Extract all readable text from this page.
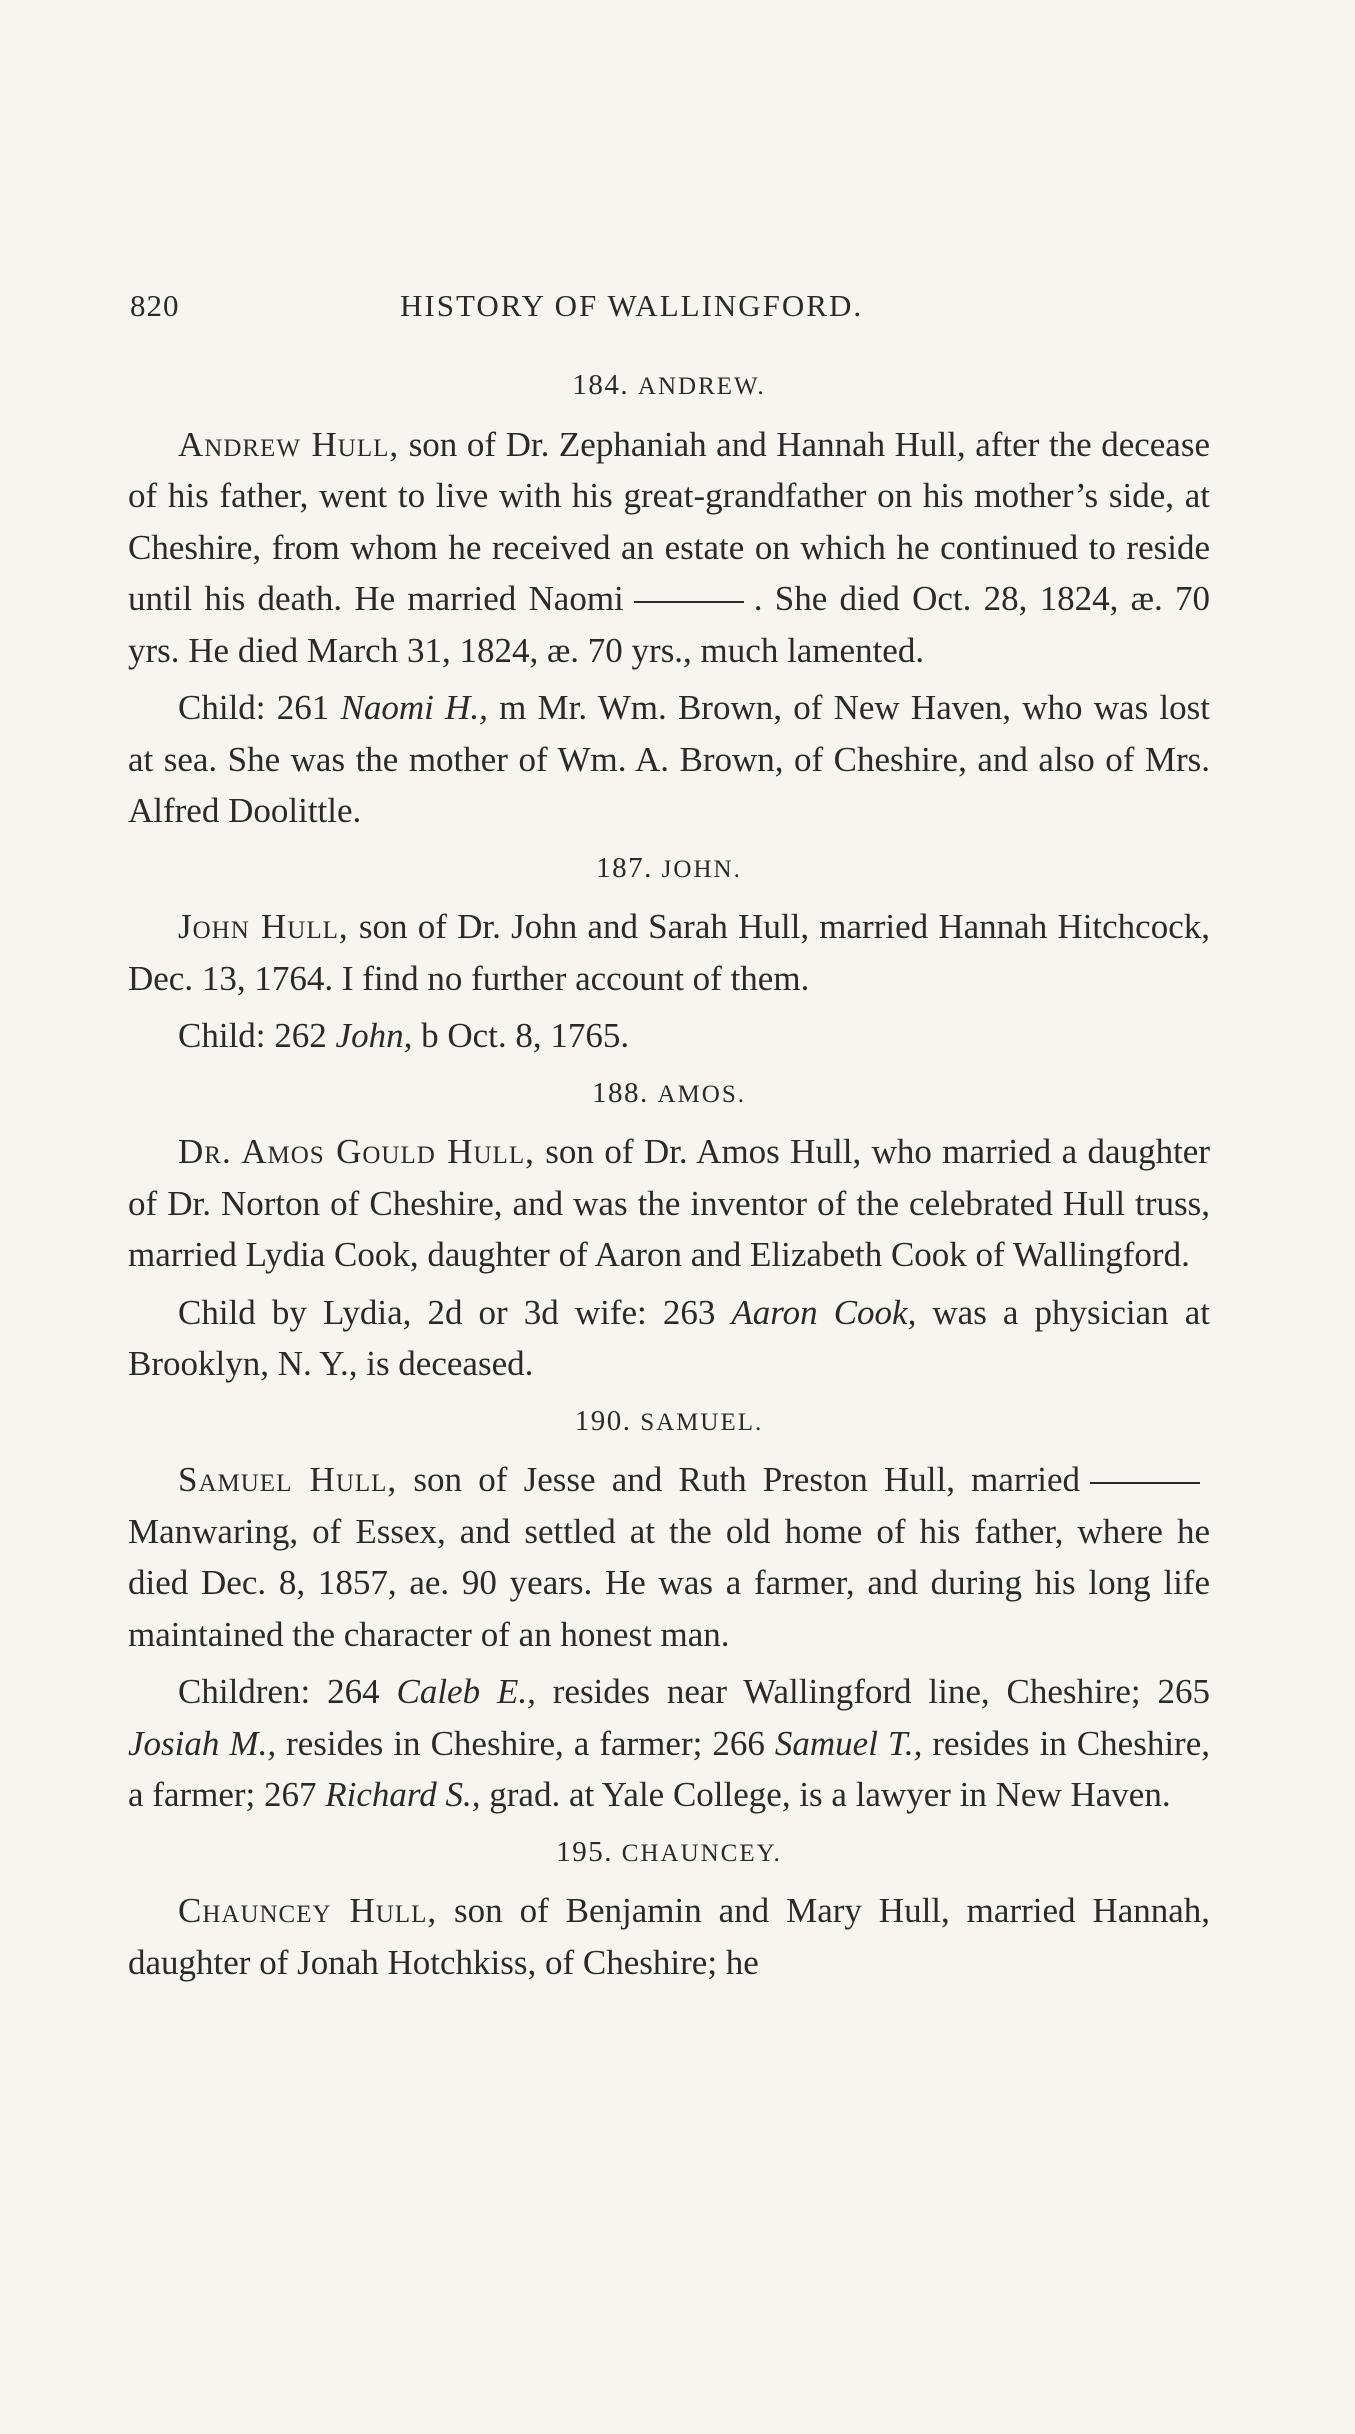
820	HISTORY OF WALLINGFORD.
184. ANDREW.

Andrew Hull, son of Dr. Zephaniah and Hannah Hull, after the decease of his father, went to live with his great-grandfather on his mother’s side, at Cheshire, from whom he received an estate on which he continued to reside until his death. He married Naomi	. She died Oct. 28, 1824, æ. 70 yrs. He died March 31, 1824, æ. 70 yrs., much lamented.

Child: 261 Naomi H., m Mr. Wm. Brown, of New Haven, who was lost at sea. She was the mother of Wm. A. Brown, of Cheshire, and also of Mrs. Alfred Doolittle.

187. JOHN.

John Hull, son of Dr. John and Sarah Hull, married Hannah Hitchcock, Dec. 13, 1764. I find no further account of them.

Child: 262 John, b Oct. 8, 1765.

188. AMOS.

Dr. Amos Gould Hull, son of Dr. Amos Hull, who married a daughter of Dr. Norton of Cheshire, and was the inventor of the celebrated Hull truss, married Lydia Cook, daughter of Aaron and Elizabeth Cook of Wallingford.

Child by Lydia, 2d or 3d wife: 263 Aaron Cook, was a physician at Brooklyn, N. Y., is deceased.

190. SAMUEL.

Samuel Hull, son of Jesse and Ruth Preston Hull, marriedManwaring, of Essex, and settled at the old home of his father, where he died Dec. 8, 1857, ae. 90 years. He was a farmer, and during his long life maintained the character of an honest man.

Children: 264 Caleb E., resides near Wallingford line, Cheshire; 265 Josiah M., resides in Cheshire, a farmer; 266 Samuel T., resides in Cheshire, a farmer; 267 Richard S., grad. at Yale College, is a lawyer in New Haven.

195. CHAUNCEY.

Chauncey Hull, son of Benjamin and Mary Hull, married Hannah, daughter of Jonah Hotchkiss, of Cheshire; he
